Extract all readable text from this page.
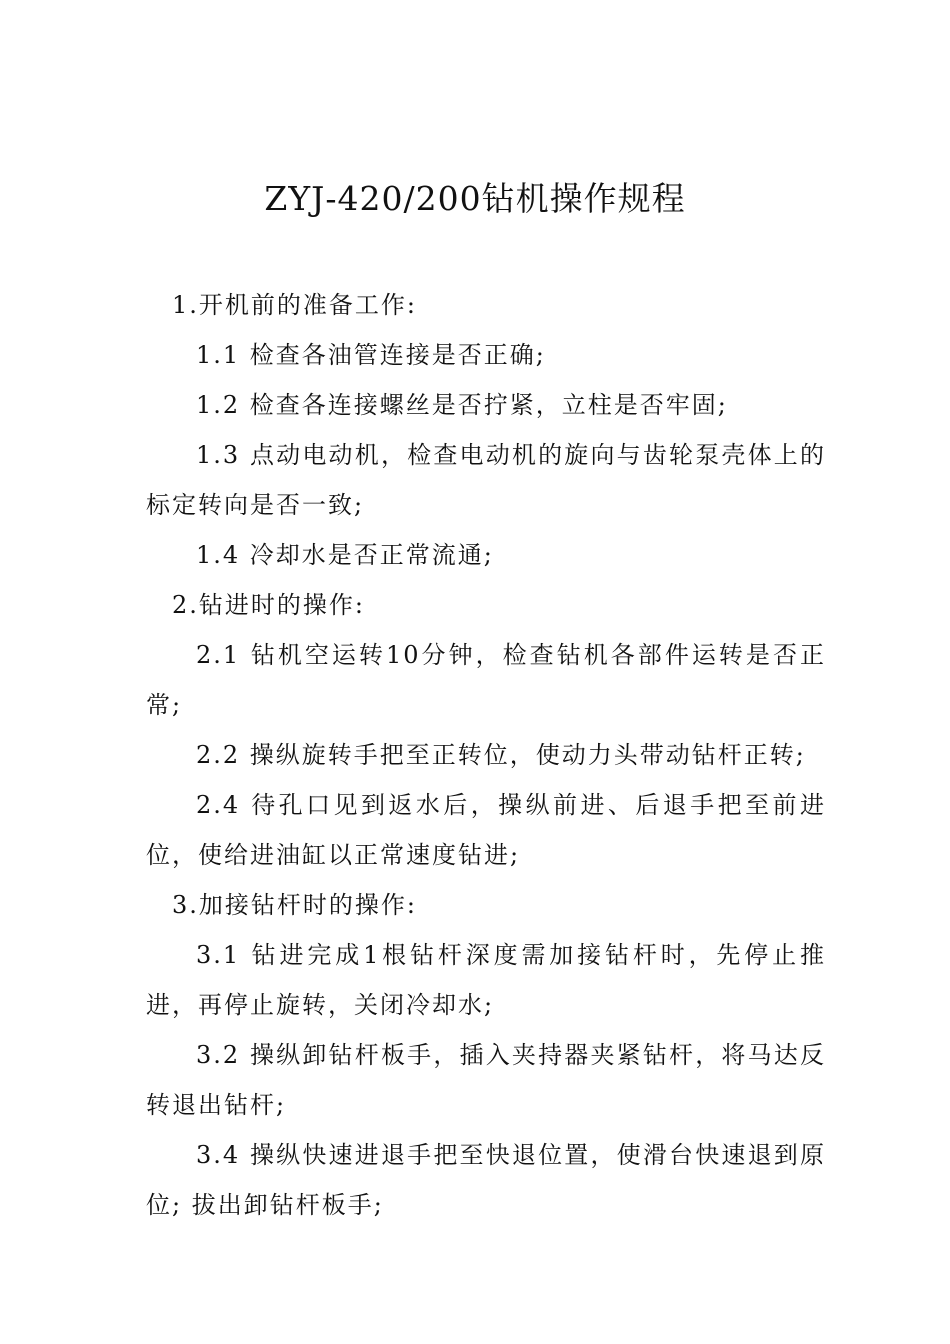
ZYJ-420/200钻机操作规程

1.开机前的准备工作:

1.1 检查各油管连接是否正确;

1.2 检查各连接螺丝是否拧紧，立柱是否牢固;

1.3 点动电动机，检查电动机的旋向与齿轮泵壳体上的标定转向是否一致;

1.4 冷却水是否正常流通;

2.钻进时的操作:

2.1 钻机空运转10分钟，检查钻机各部件运转是否正常;

2.2 操纵旋转手把至正转位，使动力头带动钻杆正转;

2.4 待孔口见到返水后，操纵前进、后退手把至前进位，使给进油缸以正常速度钻进;

3.加接钻杆时的操作:

3.1 钻进完成1根钻杆深度需加接钻杆时，先停止推进，再停止旋转，关闭冷却水;

3.2 操纵卸钻杆板手，插入夹持器夹紧钻杆，将马达反转退出钻杆;

3.4 操纵快速进退手把至快退位置，使滑台快速退到原位; 拔出卸钻杆板手;
